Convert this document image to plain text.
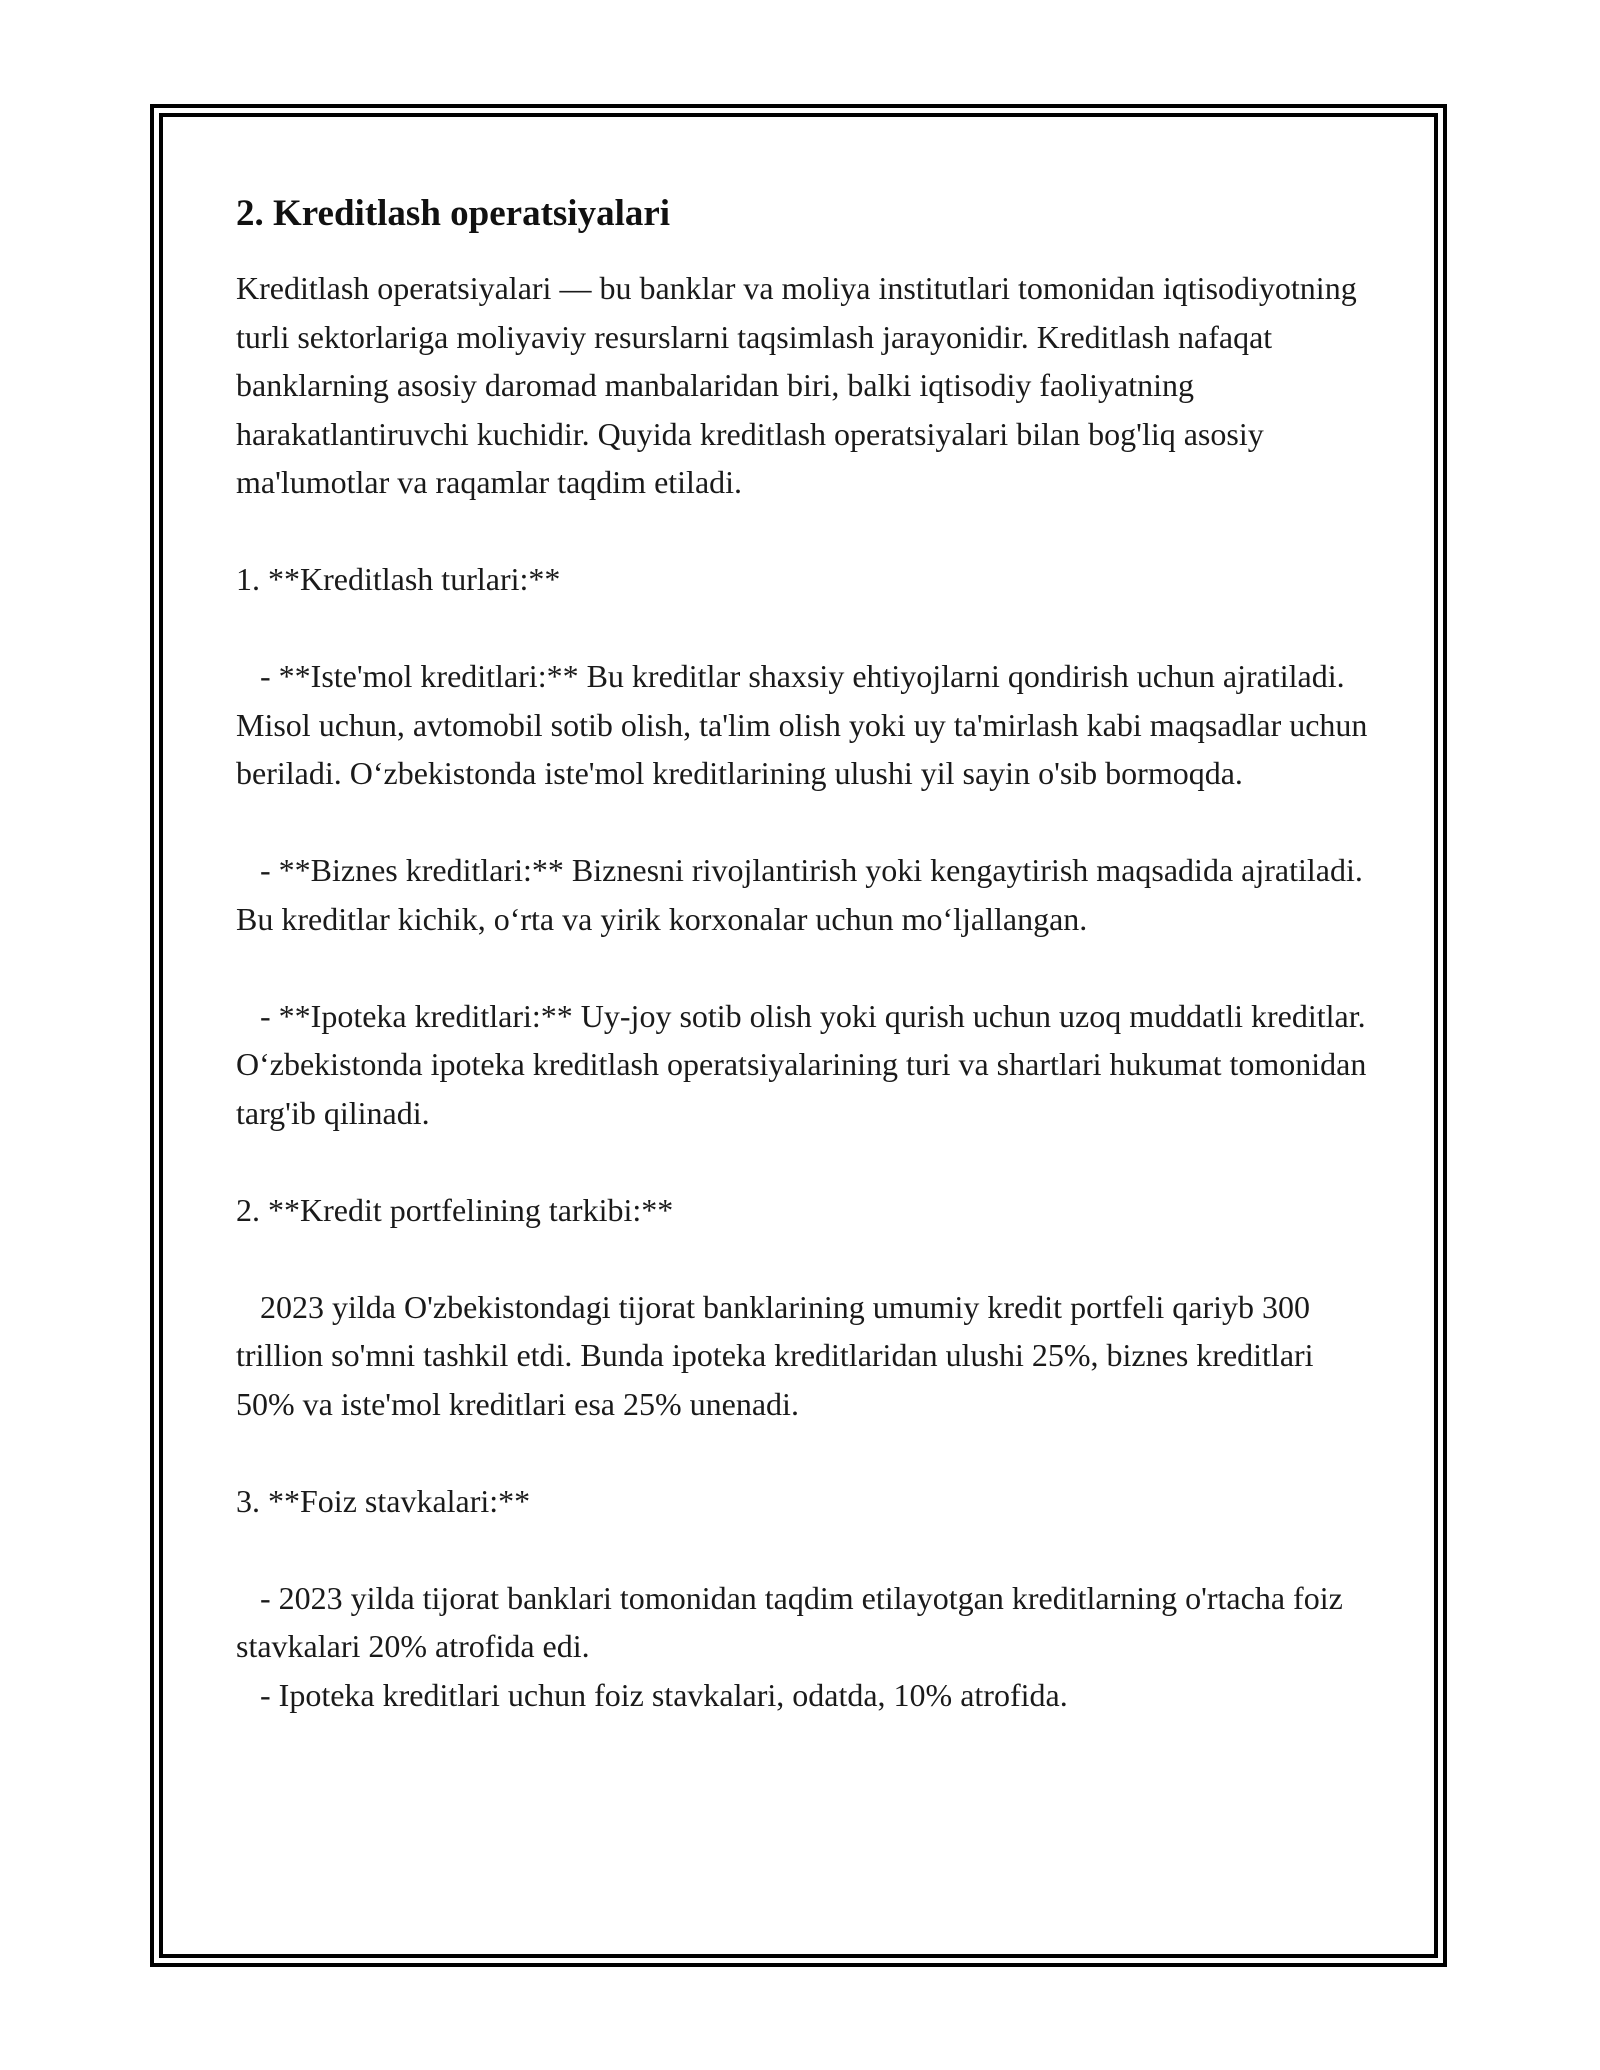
2. Kreditlash operatsiyalari

Kreditlash operatsiyalari — bu banklar va moliya institutlari tomonidan iqtisodiyotning turli sektorlariga moliyaviy resurslarni taqsimlash jarayonidir. Kreditlash nafaqat banklarning asosiy daromad manbalaridan biri, balki iqtisodiy faoliyatning harakatlantiruvchi kuchidir. Quyida kreditlash operatsiyalari bilan bog'liq asosiy ma'lumotlar va raqamlar taqdim etiladi.

1. **Kreditlash turlari:**

- **Iste'mol kreditlari:** Bu kreditlar shaxsiy ehtiyojlarni qondirish uchun ajratiladi. Misol uchun, avtomobil sotib olish, ta'lim olish yoki uy ta'mirlash kabi maqsadlar uchun beriladi. O‘zbekistonda iste'mol kreditlarining ulushi yil sayin o'sib bormoqda.

- **Biznes kreditlari:** Biznesni rivojlantirish yoki kengaytirish maqsadida ajratiladi. Bu kreditlar kichik, o‘rta va yirik korxonalar uchun mo‘ljallangan.

- **Ipoteka kreditlari:** Uy-joy sotib olish yoki qurish uchun uzoq muddatli kreditlar. O‘zbekistonda ipoteka kreditlash operatsiyalarining turi va shartlari hukumat tomonidan targ'ib qilinadi.

2. **Kredit portfelining tarkibi:**

2023 yilda O'zbekistondagi tijorat banklarining umumiy kredit portfeli qariyb 300 trillion so'mni tashkil etdi. Bunda ipoteka kreditlaridan ulushi 25%, biznes kreditlari 50% va iste'mol kreditlari esa 25% unenadi.

3. **Foiz stavkalari:**

- 2023 yilda tijorat banklari tomonidan taqdim etilayotgan kreditlarning o'rtacha foiz stavkalari 20% atrofida edi.

- Ipoteka kreditlari uchun foiz stavkalari, odatda, 10% atrofida.
